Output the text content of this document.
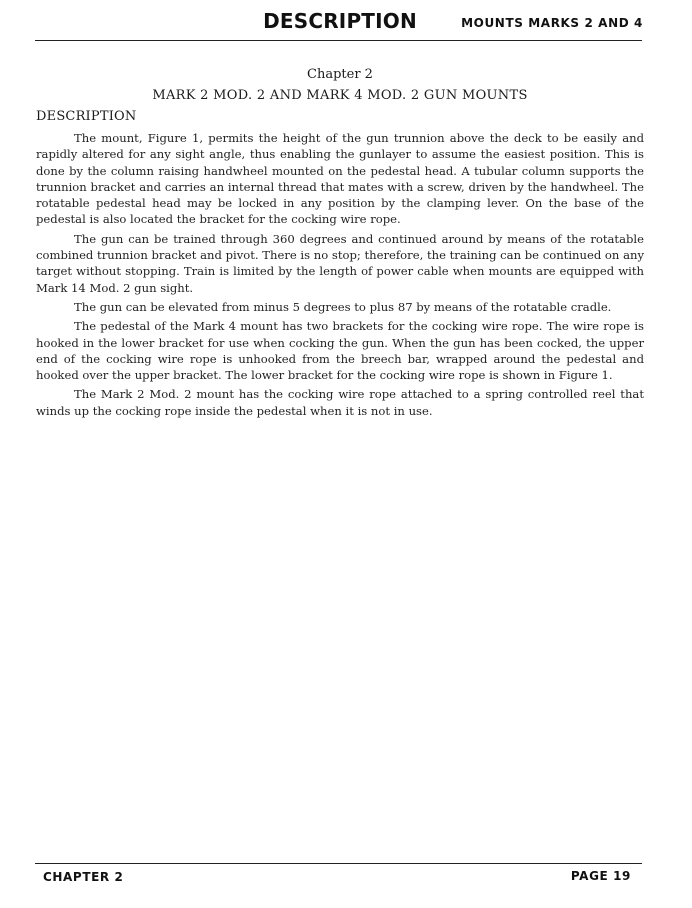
DESCRIPTION	MOUNTS MARKS 2 AND 4
Chapter 2
MARK 2 MOD. 2 AND MARK 4 MOD. 2 GUN MOUNTS
DESCRIPTION

The mount, Figure 1, permits the height of the gun trunnion above the deck to be easily and rapidly altered for any sight angle, thus enabling the gunlayer to assume the easiest position. This is done by the column raising handwheel mounted on the pedestal head. A tubular column supports the trunnion bracket and carries an internal thread that mates with a screw, driven by the handwheel. The rotatable pedestal head may be locked in any position by the clamping lever. On the base of the pedestal is also located the bracket for the cocking wire rope.

The gun can be trained through 360 degrees and continued around by means of the rotatable combined trunnion bracket and pivot. There is no stop; therefore, the training can be continued on any target without stopping. Train is limited by the length of power cable when mounts are equipped with Mark 14 Mod. 2 gun sight.

The gun can be elevated from minus 5 degrees to plus 87 by means of the rotatable cradle.

The pedestal of the Mark 4 mount has two brackets for the cocking wire rope. The wire rope is hooked in the lower bracket for use when cocking the gun. When the gun has been cocked, the upper end of the cocking wire rope is unhooked from the breech bar, wrapped around the pedestal and hooked over the upper bracket. The lower bracket for the cocking wire rope is shown in Figure 1.

The Mark 2 Mod. 2 mount has the cocking wire rope attached to a spring controlled reel that winds up the cocking rope inside the pedestal when it is not in use.

CHAPTER 2	PAGE 19
